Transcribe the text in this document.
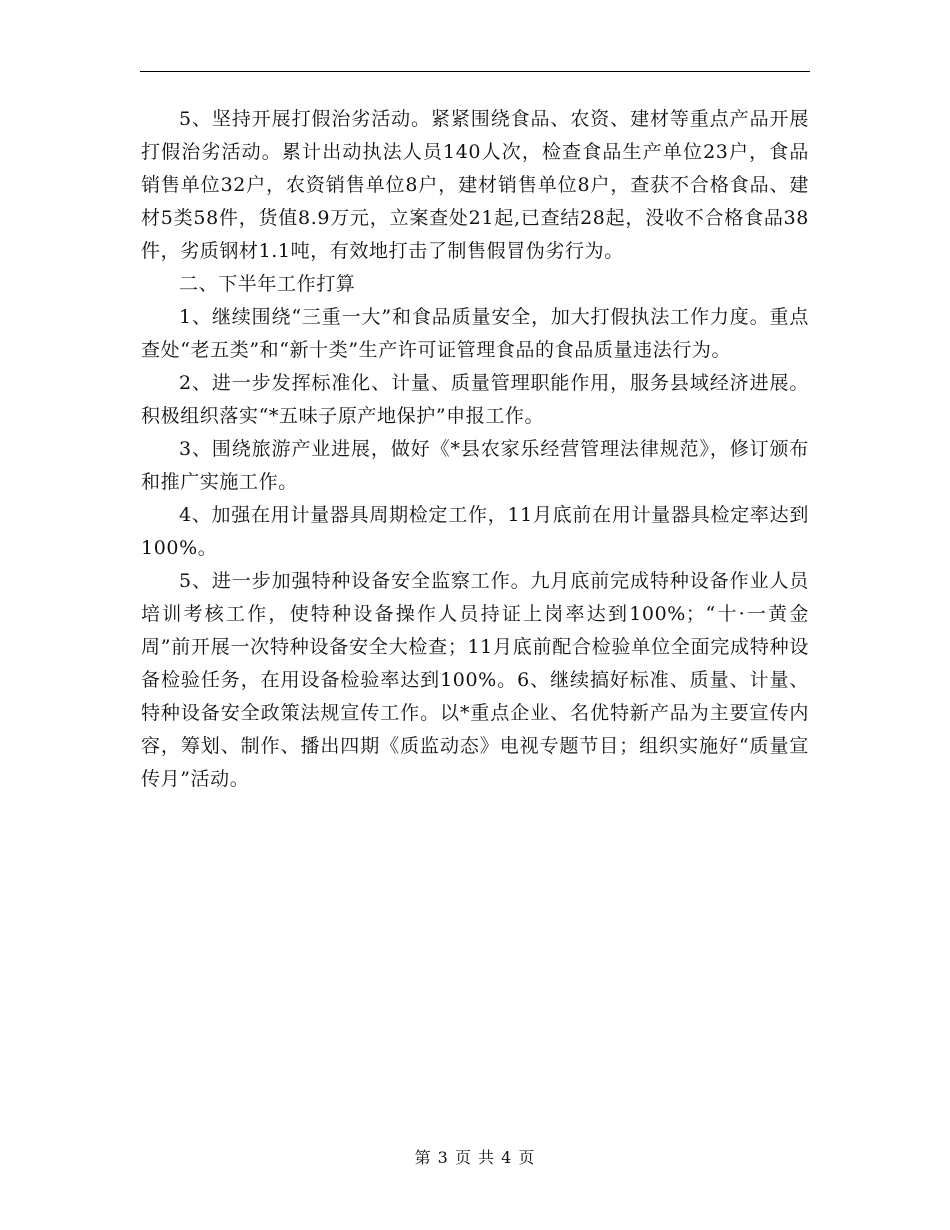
5、坚持开展打假治劣活动。紧紧围绕食品、农资、建材等重点产品开展打假治劣活动。累计出动执法人员140人次，检查食品生产单位23户，食品销售单位32户，农资销售单位8户，建材销售单位8户，查获不合格食品、建材5类58件，货值8.9万元，立案查处21起,已查结28起，没收不合格食品38件，劣质钢材1.1吨，有效地打击了制售假冒伪劣行为。

二、下半年工作打算

1、继续围绕“三重一大”和食品质量安全，加大打假执法工作力度。重点查处“老五类”和“新十类”生产许可证管理食品的食品质量违法行为。

2、进一步发挥标准化、计量、质量管理职能作用，服务县域经济进展。积极组织落实“*五味子原产地保护”申报工作。

3、围绕旅游产业进展，做好《*县农家乐经营管理法律规范》，修订颁布和推广实施工作。

4、加强在用计量器具周期检定工作，11月底前在用计量器具检定率达到100%。

5、进一步加强特种设备安全监察工作。九月底前完成特种设备作业人员培训考核工作，使特种设备操作人员持证上岗率达到100%；“十·一黄金周”前开展一次特种设备安全大检查；11月底前配合检验单位全面完成特种设备检验任务，在用设备检验率达到100%。6、继续搞好标准、质量、计量、特种设备安全政策法规宣传工作。以*重点企业、名优特新产品为主要宣传内容，筹划、制作、播出四期《质监动态》电视专题节目；组织实施好“质量宣传月”活动。

第 3 页 共 4 页
